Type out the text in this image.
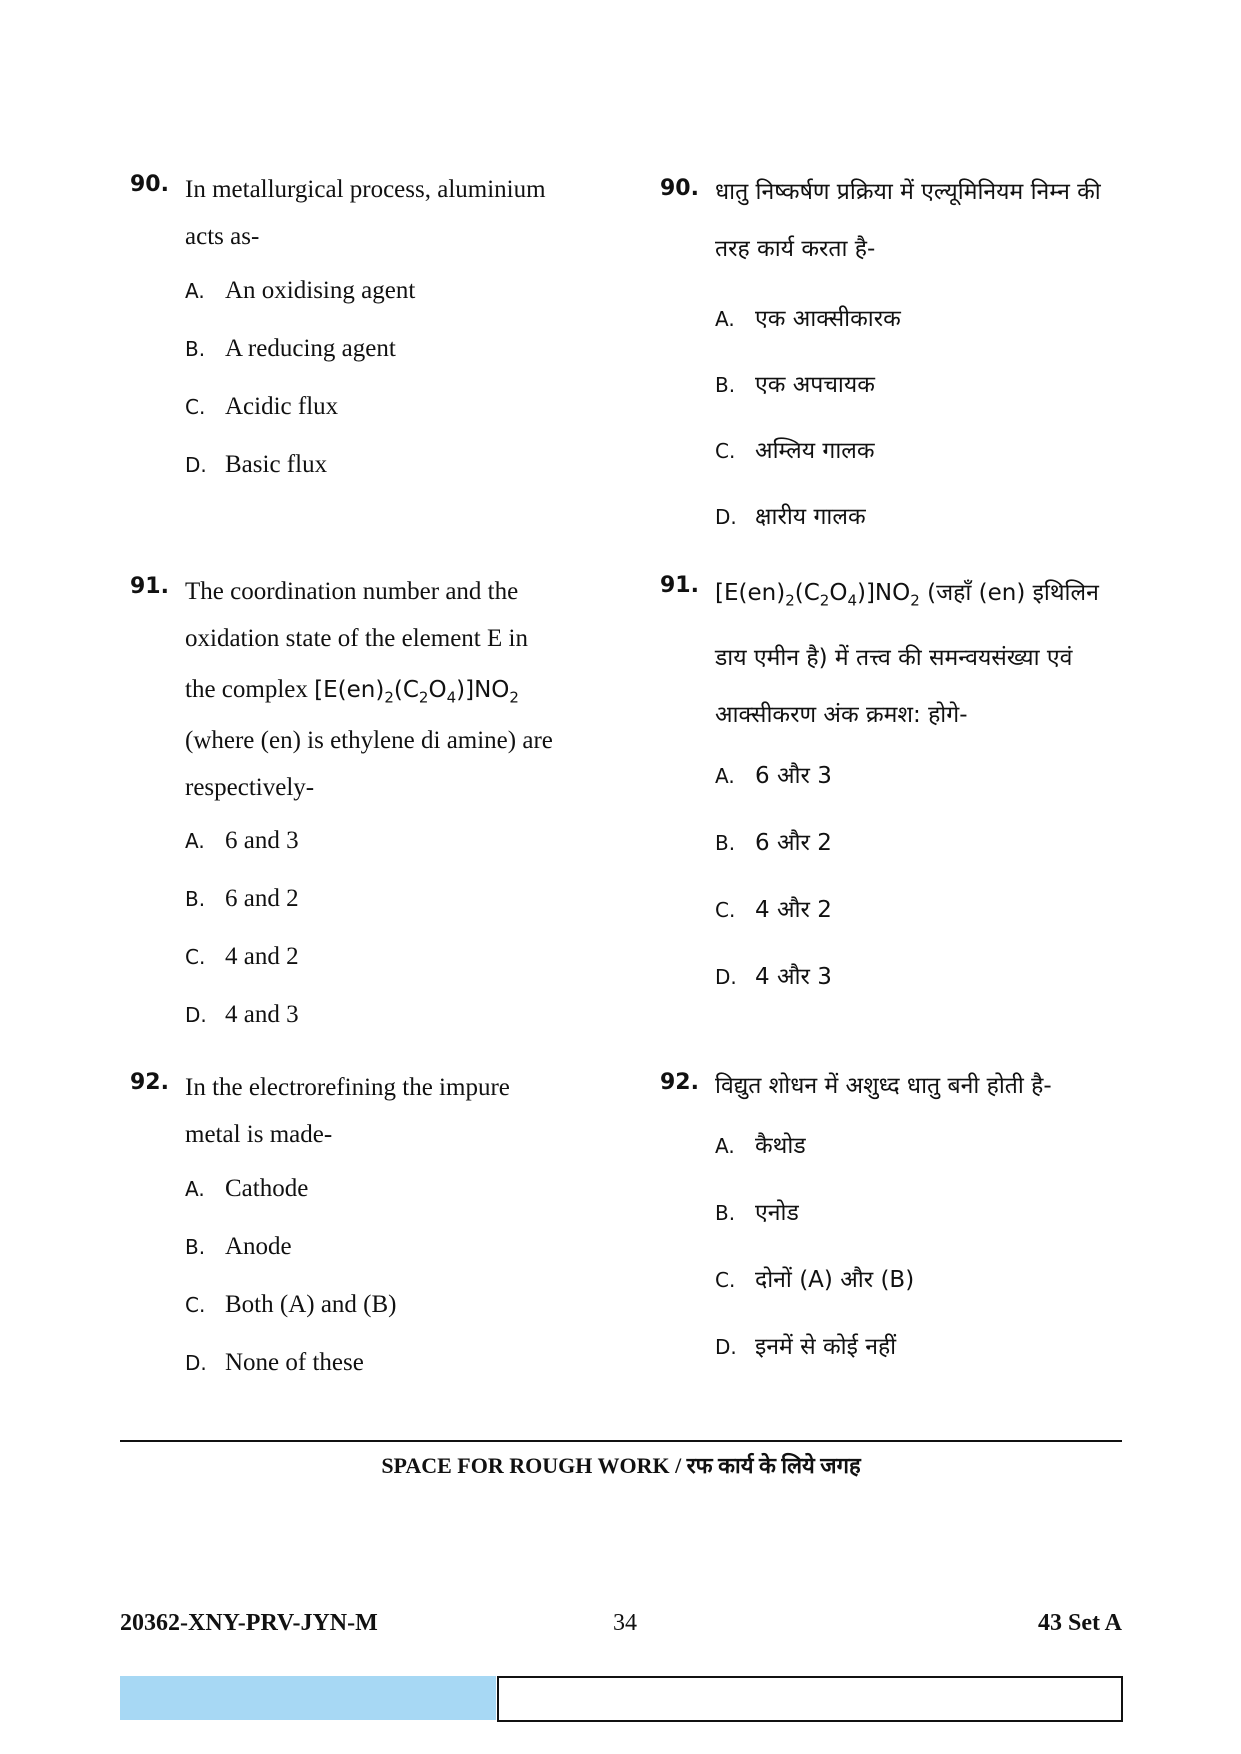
90. In metallurgical process, aluminium
acts as-
A. An oxidising agent
B. A reducing agent
C. Acidic flux
D. Basic flux
91. The coordination number and the
oxidation state of the element E in
the complex $[E(en)_2(C_2O_4)]NO_2$
(where (en) is ethylene di amine) are
respectively-
A. 6 and 3
B. 6 and 2
C. 4 and 2
D. 4 and 3
92. In the electrorefining the impure
metal is made-
A. Cathode
B. Anode
C. Both (A) and (B)
D. None of these
90. धातु निष्कर्षण प्रक्रिया में एल्यूमिनियम निम्न की
तरह कार्य करता है-
A. एक आक्सीकारक
B. एक अपचायक
C. अम्लिय गालक
D. क्षारीय गालक
91. $[E(en)_2(C_2O_4)]NO_2$ (जहाँ (en) इथिलिन
डाय एमीन है) में तत्त्व की समन्वयसंख्या एवं
आक्सीकरण अंक क्रमश: होगे-
A. 6 और 3
B. 6 और 2
C. 4 और 2
D. 4 और 3
92. विद्युत शोधन में अशुध्द धातु बनी होती है-
A. कैथोड
B. एनोड
C. दोनों (A) और (B)
D. इनमें से कोई नहीं
SPACE FOR ROUGH WORK / रफ कार्य के लिये जगह
20362-XNY-PRV-JYN-M	34	43 Set A
